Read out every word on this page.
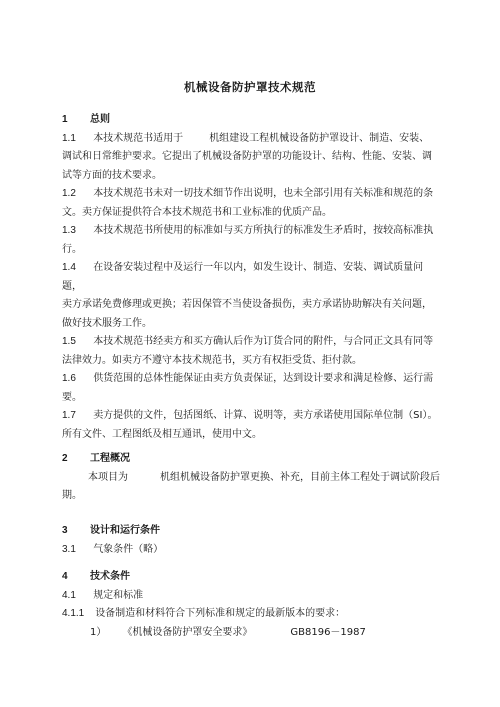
机械设备防护罩技术规范
1 总则
1.1 本技术规范书适用于	机组建设工程机械设备防护罩设计、制造、安装、
调试和日常维护要求。它提出了机械设备防护罩的功能设计、结构、性能、安装、调
试等方面的技术要求。
1.2 本技术规范书未对一切技术细节作出说明，也未全部引用有关标准和规范的条
文。卖方保证提供符合本技术规范书和工业标准的优质产品。
1.3 本技术规范书所使用的标准如与买方所执行的标准发生矛盾时，按较高标准执
行。
1.4 在设备安装过程中及运行一年以内，如发生设计、制造、安装、调试质量问题，
卖方承诺免费修理或更换；若因保管不当使设备损伤，卖方承诺协助解决有关问题，
做好技术服务工作。
1.5 本技术规范书经卖方和买方确认后作为订货合同的附件，与合同正文具有同等
法律效力。如卖方不遵守本技术规范书，买方有权拒受货、拒付款。
1.6 供货范围的总体性能保证由卖方负责保证，达到设计要求和满足检修、运行需
要。
1.7 卖方提供的文件，包括图纸、计算、说明等，卖方承诺使用国际单位制（SI）。
所有文件、工程图纸及相互通讯，使用中文。
2 工程概况
本项目为	机组机械设备防护罩更换、补充，目前主体工程处于调试阶段后
期。
3 设计和运行条件
3.1 气象条件（略）
4 技术条件
4.1 规定和标准
4.1.1 设备制造和材料符合下列标准和规定的最新版本的要求：
1） 《机械设备防护罩安全要求》	GB8196－1987
